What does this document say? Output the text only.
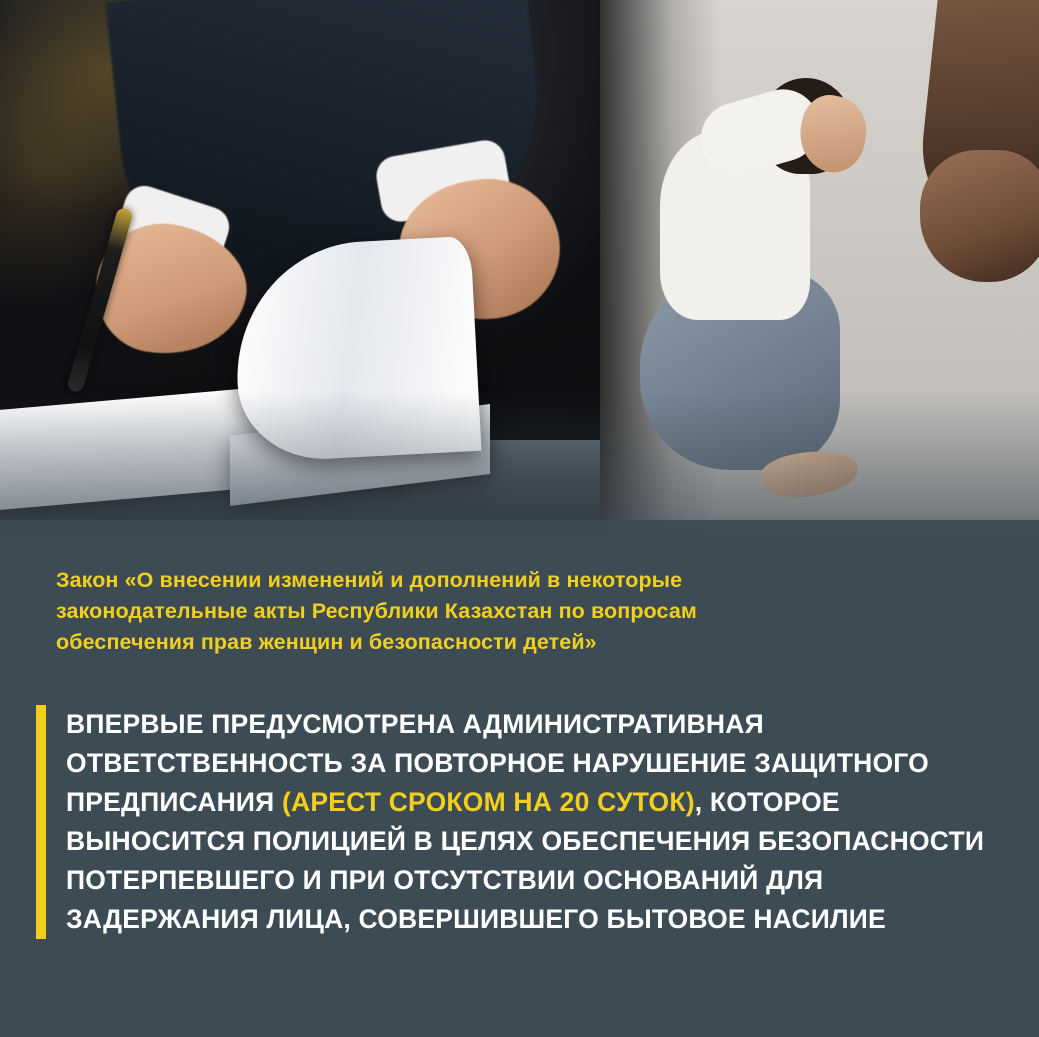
Закон «О внесении изменений и дополнений в некоторые законодательные акты Республики Казахстан по вопросам обеспечения прав женщин и безопасности детей»
ВПЕРВЫЕ ПРЕДУСМОТРЕНА АДМИНИСТРАТИВНАЯ ОТВЕТСТВЕННОСТЬ ЗА ПОВТОРНОЕ НАРУШЕНИЕ ЗАЩИТНОГО ПРЕДПИСАНИЯ (АРЕСТ СРОКОМ НА 20 СУТОК), КОТОРОЕ ВЫНОСИТСЯ ПОЛИЦИЕЙ В ЦЕЛЯХ ОБЕСПЕЧЕНИЯ БЕЗОПАСНОСТИ ПОТЕРПЕВШЕГО И ПРИ ОТСУТСТВИИ ОСНОВАНИЙ ДЛЯ ЗАДЕРЖАНИЯ ЛИЦА, СОВЕРШИВШЕГО БЫТОВОЕ НАСИЛИЕ
